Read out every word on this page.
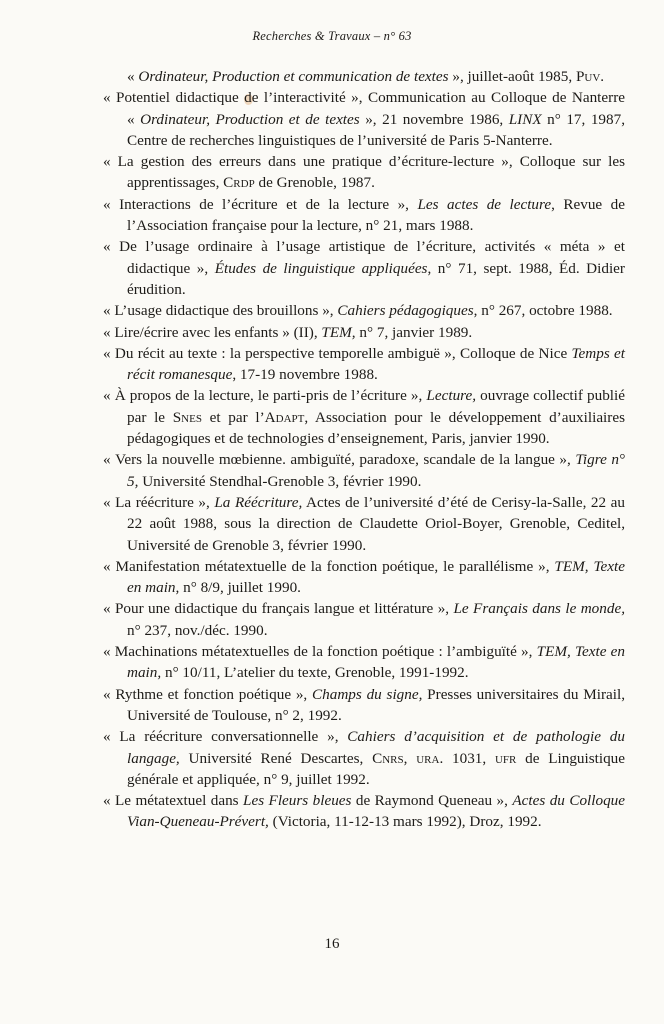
Recherches & Travaux – n° 63

« Ordinateur, Production et communication de textes », juillet-août 1985, Puv.

« Potentiel didactique de l’interactivité », Communication au Colloque de Nanterre « Ordinateur, Production et de textes », 21 novembre 1986, LINX n° 17, 1987, Centre de recherches linguistiques de l’université de Paris 5-Nanterre.

« La gestion des erreurs dans une pratique d’écriture-lecture », Colloque sur les apprentissages, Crdp de Grenoble, 1987.

« Interactions de l’écriture et de la lecture », Les actes de lecture, Revue de l’Association française pour la lecture, n° 21, mars 1988.

« De l’usage ordinaire à l’usage artistique de l’écriture, activités « méta » et didactique », Études de linguistique appliquées, n° 71, sept. 1988, Éd. Didier érudition.

« L’usage didactique des brouillons », Cahiers pédagogiques, n° 267, octobre 1988.

« Lire/écrire avec les enfants » (II), TEM, n° 7, janvier 1989.

« Du récit au texte : la perspective temporelle ambiguë », Colloque de Nice Temps et récit romanesque, 17-19 novembre 1988.

« À propos de la lecture, le parti-pris de l’écriture », Lecture, ouvrage collectif publié par le Snes et par l’Adapt, Association pour le développement d’auxiliaires pédagogiques et de technologies d’enseignement, Paris, janvier 1990.

« Vers la nouvelle mœbienne. ambiguïté, paradoxe, scandale de la langue », Tigre n° 5, Université Stendhal-Grenoble 3, février 1990.

« La réécriture », La Réécriture, Actes de l’université d’été de Cerisy-la-Salle, 22 au 22 août 1988, sous la direction de Claudette Oriol-Boyer, Grenoble, Ceditel, Université de Grenoble 3, février 1990.

« Manifestation métatextuelle de la fonction poétique, le parallélisme », TEM, Texte en main, n° 8/9, juillet 1990.

« Pour une didactique du français langue et littérature », Le Français dans le monde, n° 237, nov./déc. 1990.

« Machinations métatextuelles de la fonction poétique : l’ambiguïté », TEM, Texte en main, n° 10/11, L’atelier du texte, Grenoble, 1991-1992.

« Rythme et fonction poétique », Champs du signe, Presses universitaires du Mirail, Université de Toulouse, n° 2, 1992.

« La réécriture conversationnelle », Cahiers d’acquisition et de pathologie du langage, Université René Descartes, Cnrs, ura. 1031, ufr de Linguistique générale et appliquée, n° 9, juillet 1992.

« Le métatextuel dans Les Fleurs bleues de Raymond Queneau », Actes du Colloque Vian-Queneau-Prévert, (Victoria, 11-12-13 mars 1992), Droz, 1992.

16
